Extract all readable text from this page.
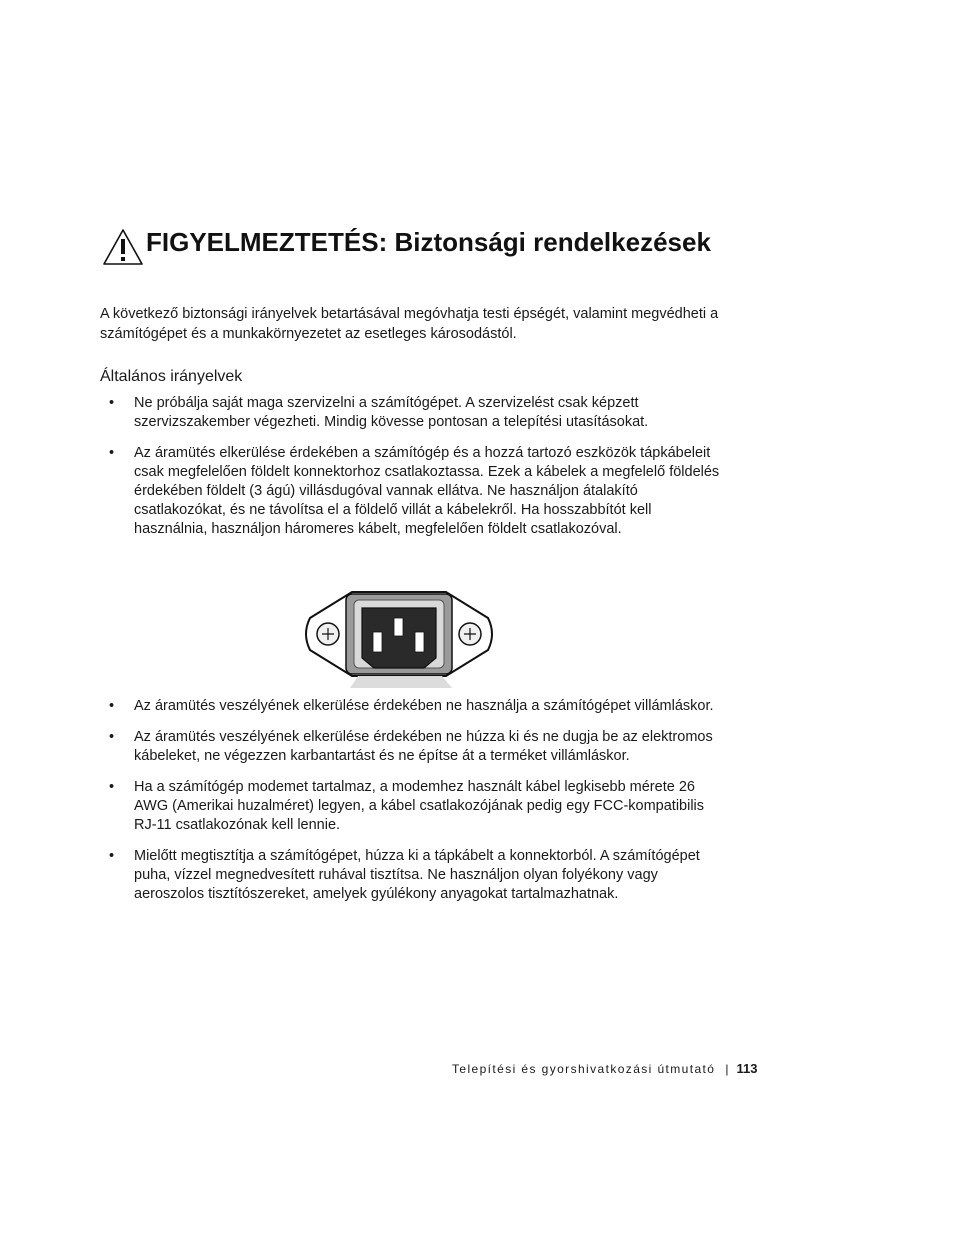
FIGYELMEZTETÉS: Biztonsági rendelkezések

A következő biztonsági irányelvek betartásával megóvhatja testi épségét, valamint megvédheti a számítógépet és a munkakörnyezetet az esetleges károsodástól.

Általános irányelvek
• Ne próbálja saját maga szervizelni a számítógépet. A szervizelést csak képzett szervizszakember végezheti. Mindig kövesse pontosan a telepítési utasításokat.
• Az áramütés elkerülése érdekében a számítógép és a hozzá tartozó eszközök tápkábeleit csak megfelelően földelt konnektorhoz csatlakoztassa. Ezek a kábelek a megfelelő földelés érdekében földelt (3 ágú) villásdugóval vannak ellátva. Ne használjon átalakító csatlakozókat, és ne távolítsa el a földelő villát a kábelekről. Ha hosszabbítót kell használnia, használjon háromeres kábelt, megfelelően földelt csatlakozóval.
• Az áramütés veszélyének elkerülése érdekében ne használja a számítógépet villámláskor.
• Az áramütés veszélyének elkerülése érdekében ne húzza ki és ne dugja be az elektromos kábeleket, ne végezzen karbantartást és ne építse át a terméket villámláskor.
• Ha a számítógép modemet tartalmaz, a modemhez használt kábel legkisebb mérete 26 AWG (Amerikai huzalméret) legyen, a kábel csatlakozójának pedig egy FCC-kompatibilis RJ-11 csatlakozónak kell lennie.
• Mielőtt megtisztítja a számítógépet, húzza ki a tápkábelt a konnektorból. A számítógépet puha, vízzel megnedvesített ruhával tisztítsa. Ne használjon olyan folyékony vagy aeroszolos tisztítószereket, amelyek gyúlékony anyagokat tartalmazhatnak.
Telepítési és gyorshivatkozási útmutató | 113
